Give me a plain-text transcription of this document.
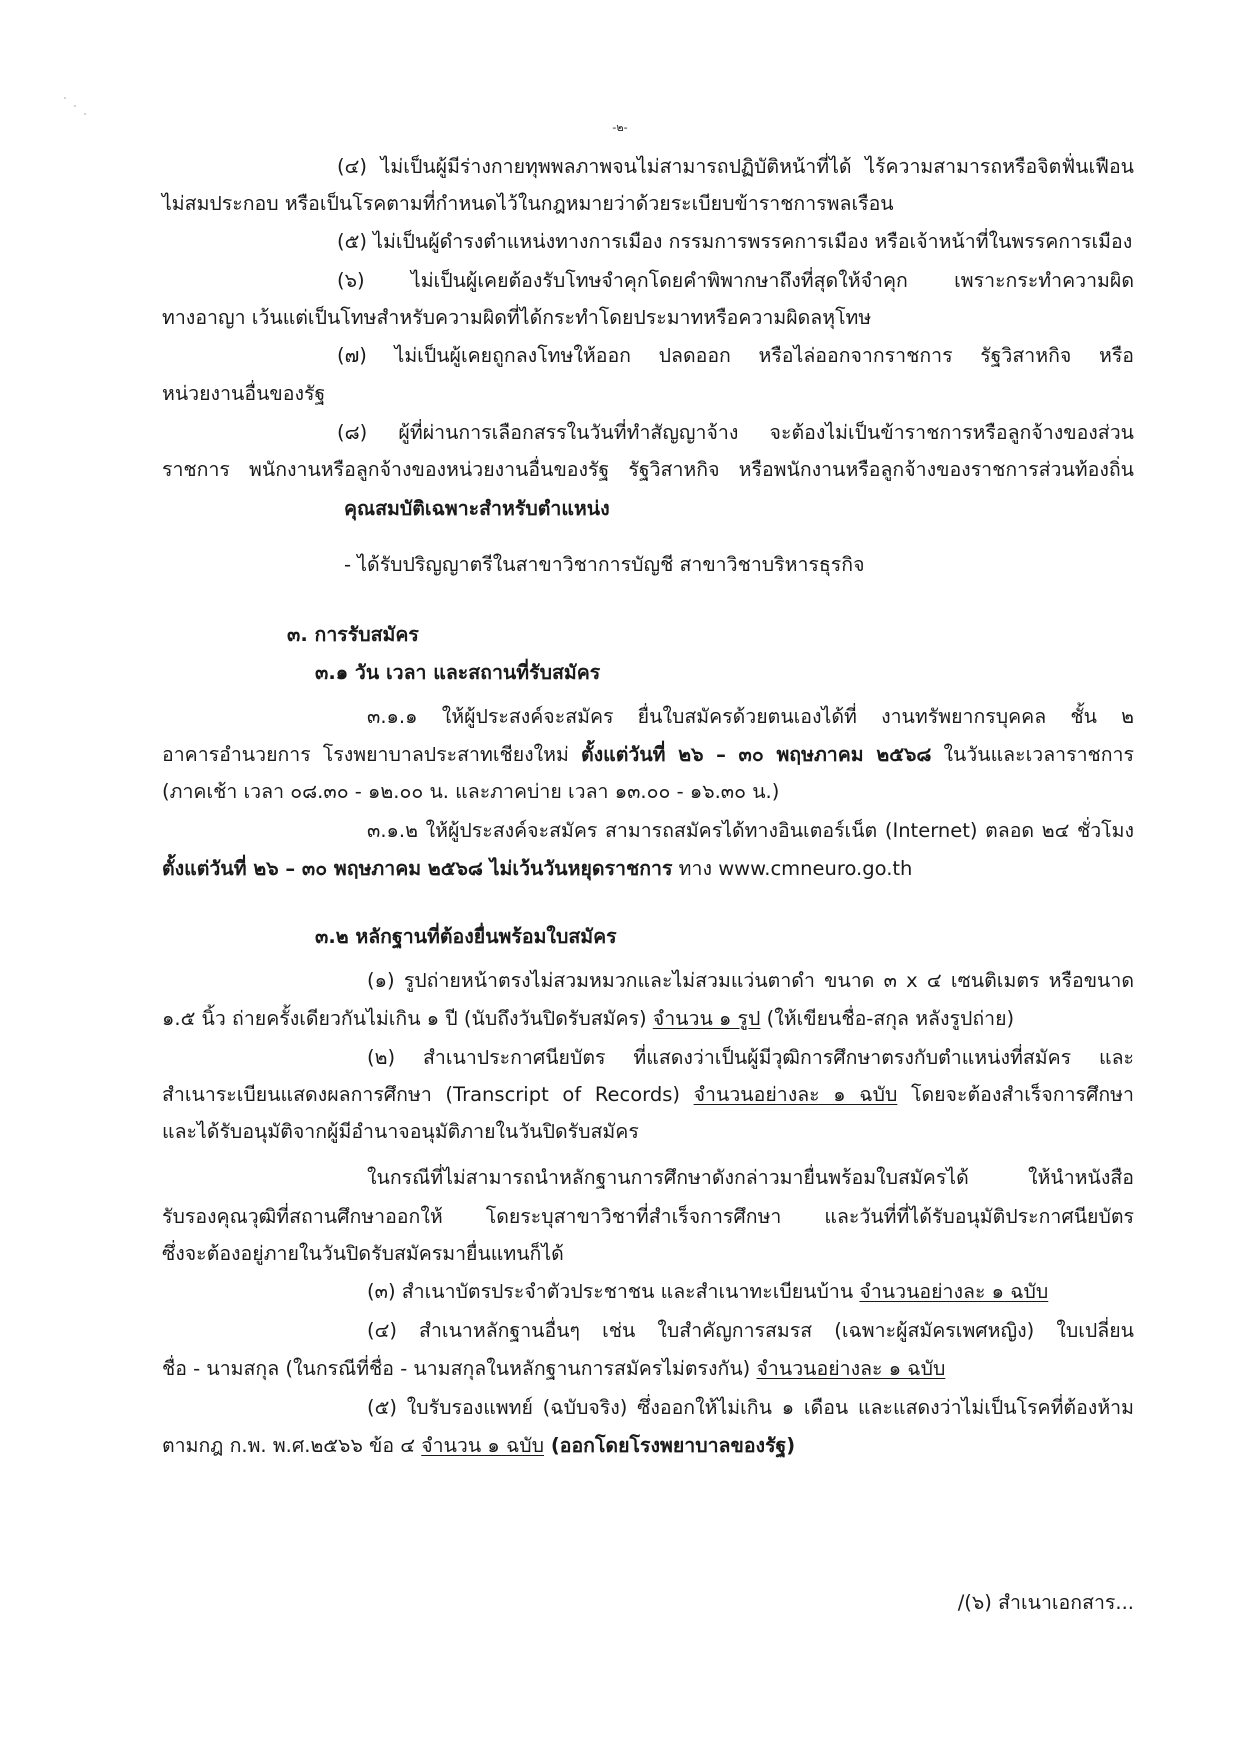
-๒-
(๔) ไม่เป็นผู้มีร่างกายทุพพลภาพจนไม่สามารถปฏิบัติหน้าที่ได้ ไร้ความสามารถหรือจิตฟั่นเฟือน
ไม่สมประกอบ หรือเป็นโรคตามที่กำหนดไว้ในกฎหมายว่าด้วยระเบียบข้าราชการพลเรือน
(๕) ไม่เป็นผู้ดำรงตำแหน่งทางการเมือง กรรมการพรรคการเมือง หรือเจ้าหน้าที่ในพรรคการเมือง
(๖) ไม่เป็นผู้เคยต้องรับโทษจำคุกโดยคำพิพากษาถึงที่สุดให้จำคุก เพราะกระทำความผิด
ทางอาญา เว้นแต่เป็นโทษสำหรับความผิดที่ได้กระทำโดยประมาทหรือความผิดลหุโทษ
(๗) ไม่เป็นผู้เคยถูกลงโทษให้ออก ปลดออก หรือไล่ออกจากราชการ รัฐวิสาหกิจ หรือ
หน่วยงานอื่นของรัฐ
(๘) ผู้ที่ผ่านการเลือกสรรในวันที่ทำสัญญาจ้าง จะต้องไม่เป็นข้าราชการหรือลูกจ้างของส่วน
ราชการ พนักงานหรือลูกจ้างของหน่วยงานอื่นของรัฐ รัฐวิสาหกิจ หรือพนักงานหรือลูกจ้างของราชการส่วนท้องถิ่น
คุณสมบัติเฉพาะสำหรับตำแหน่ง
- ได้รับปริญญาตรีในสาขาวิชาการบัญชี สาขาวิชาบริหารธุรกิจ
๓. การรับสมัคร
๓.๑ วัน เวลา และสถานที่รับสมัคร
๓.๑.๑ ให้ผู้ประสงค์จะสมัคร ยื่นใบสมัครด้วยตนเองได้ที่ งานทรัพยากรบุคคล ชั้น ๒
อาคารอำนวยการ โรงพยาบาลประสาทเชียงใหม่ ตั้งแต่วันที่ ๒๖ – ๓๐ พฤษภาคม ๒๕๖๘ ในวันและเวลาราชการ
(ภาคเช้า เวลา ๐๘.๓๐ - ๑๒.๐๐ น. และภาคบ่าย เวลา ๑๓.๐๐ - ๑๖.๓๐ น.)
๓.๑.๒ ให้ผู้ประสงค์จะสมัคร สามารถสมัครได้ทางอินเตอร์เน็ต (Internet) ตลอด ๒๔ ชั่วโมง
ตั้งแต่วันที่ ๒๖ – ๓๐ พฤษภาคม ๒๕๖๘ ไม่เว้นวันหยุดราชการ ทาง www.cmneuro.go.th
๓.๒ หลักฐานที่ต้องยื่นพร้อมใบสมัคร
(๑) รูปถ่ายหน้าตรงไม่สวมหมวกและไม่สวมแว่นตาดำ ขนาด ๓ x ๔ เซนติเมตร หรือขนาด
๑.๕ นิ้ว ถ่ายครั้งเดียวกันไม่เกิน ๑ ปี (นับถึงวันปิดรับสมัคร) จำนวน ๑ รูป (ให้เขียนชื่อ-สกุล หลังรูปถ่าย)
(๒) สำเนาประกาศนียบัตร ที่แสดงว่าเป็นผู้มีวุฒิการศึกษาตรงกับตำแหน่งที่สมัคร และ
สำเนาระเบียนแสดงผลการศึกษา (Transcript of Records) จำนวนอย่างละ ๑ ฉบับ โดยจะต้องสำเร็จการศึกษา
และได้รับอนุมัติจากผู้มีอำนาจอนุมัติภายในวันปิดรับสมัคร
ในกรณีที่ไม่สามารถนำหลักฐานการศึกษาดังกล่าวมายื่นพร้อมใบสมัครได้ ให้นำหนังสือ
รับรองคุณวุฒิที่สถานศึกษาออกให้ โดยระบุสาขาวิชาที่สำเร็จการศึกษา และวันที่ที่ได้รับอนุมัติประกาศนียบัตร
ซึ่งจะต้องอยู่ภายในวันปิดรับสมัครมายื่นแทนก็ได้
(๓) สำเนาบัตรประจำตัวประชาชน และสำเนาทะเบียนบ้าน จำนวนอย่างละ ๑ ฉบับ
(๔) สำเนาหลักฐานอื่นๆ เช่น ใบสำคัญการสมรส (เฉพาะผู้สมัครเพศหญิง) ใบเปลี่ยน
ชื่อ - นามสกุล (ในกรณีที่ชื่อ - นามสกุลในหลักฐานการสมัครไม่ตรงกัน) จำนวนอย่างละ ๑ ฉบับ
(๕) ใบรับรองแพทย์ (ฉบับจริง) ซึ่งออกให้ไม่เกิน ๑ เดือน และแสดงว่าไม่เป็นโรคที่ต้องห้าม
ตามกฎ ก.พ. พ.ศ.๒๕๖๖ ข้อ ๔ จำนวน ๑ ฉบับ (ออกโดยโรงพยาบาลของรัฐ)
/(๖) สำเนาเอกสาร...
